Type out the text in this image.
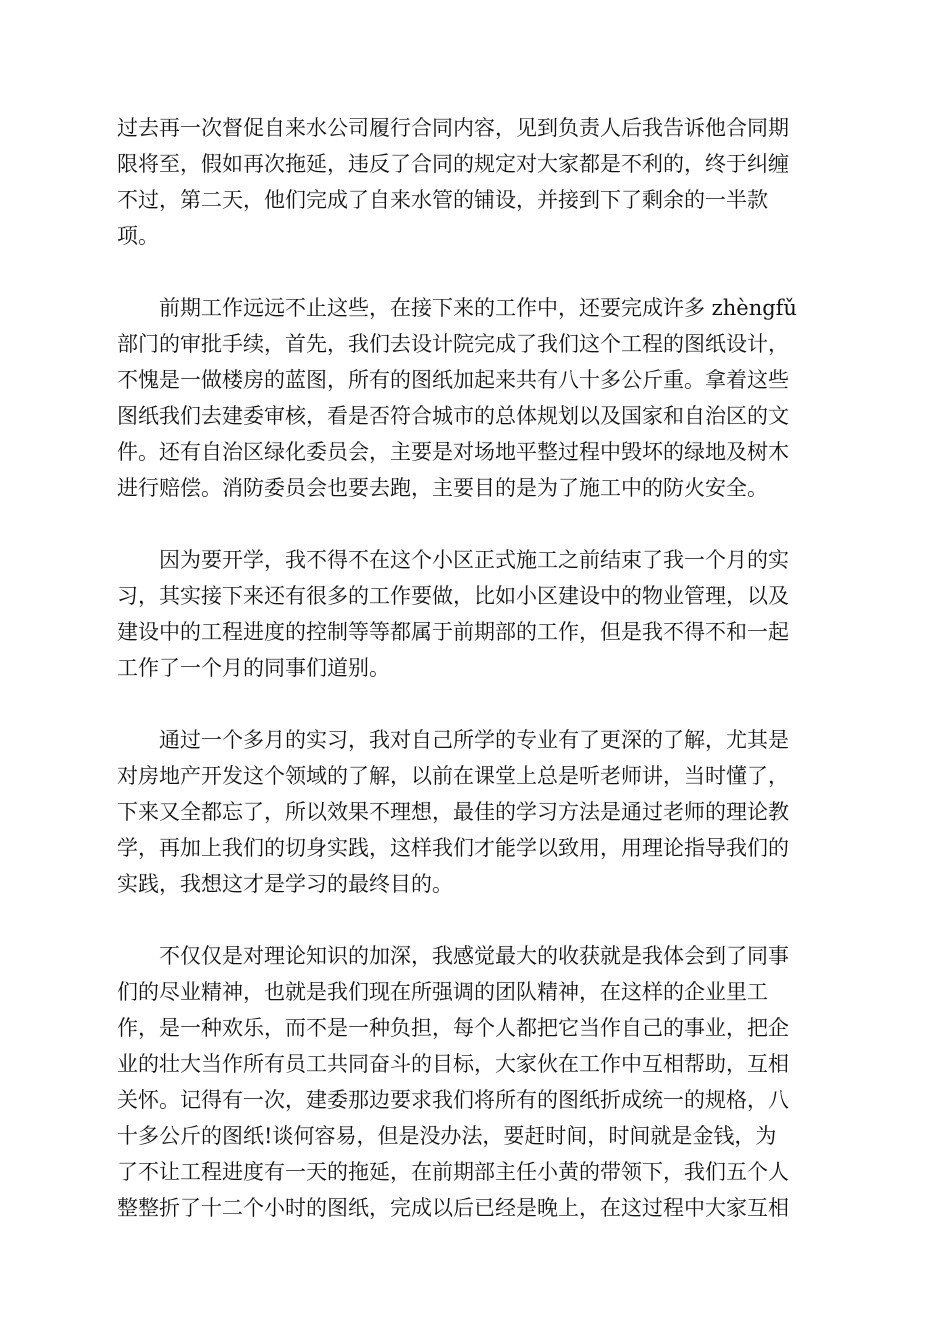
过去再一次督促自来水公司履行合同内容，见到负责人后我告诉他合同期
限将至，假如再次拖延，违反了合同的规定对大家都是不利的，终于纠缠
不过，第二天，他们完成了自来水管的铺设，并接到下了剩余的一半款
项。
前期工作远远不止这些，在接下来的工作中，还要完成许多 zhèngfǔ
部门的审批手续，首先，我们去设计院完成了我们这个工程的图纸设计，
不愧是一做楼房的蓝图，所有的图纸加起来共有八十多公斤重。拿着这些
图纸我们去建委审核，看是否符合城市的总体规划以及国家和自治区的文
件。还有自治区绿化委员会，主要是对场地平整过程中毁坏的绿地及树木
进行赔偿。消防委员会也要去跑，主要目的是为了施工中的防火安全。
因为要开学，我不得不在这个小区正式施工之前结束了我一个月的实
习，其实接下来还有很多的工作要做，比如小区建设中的物业管理，以及
建设中的工程进度的控制等等都属于前期部的工作，但是我不得不和一起
工作了一个月的同事们道别。
通过一个多月的实习，我对自己所学的专业有了更深的了解，尤其是
对房地产开发这个领域的了解，以前在课堂上总是听老师讲，当时懂了，
下来又全都忘了，所以效果不理想，最佳的学习方法是通过老师的理论教
学，再加上我们的切身实践，这样我们才能学以致用，用理论指导我们的
实践，我想这才是学习的最终目的。
不仅仅是对理论知识的加深，我感觉最大的收获就是我体会到了同事
们的尽业精神，也就是我们现在所强调的团队精神，在这样的企业里工
作，是一种欢乐，而不是一种负担，每个人都把它当作自己的事业，把企
业的壮大当作所有员工共同奋斗的目标，大家伙在工作中互相帮助，互相
关怀。记得有一次，建委那边要求我们将所有的图纸折成统一的规格，八
十多公斤的图纸!谈何容易，但是没办法，要赶时间，时间就是金钱，为
了不让工程进度有一天的拖延，在前期部主任小黄的带领下，我们五个人
整整折了十二个小时的图纸，完成以后已经是晚上，在这过程中大家互相
